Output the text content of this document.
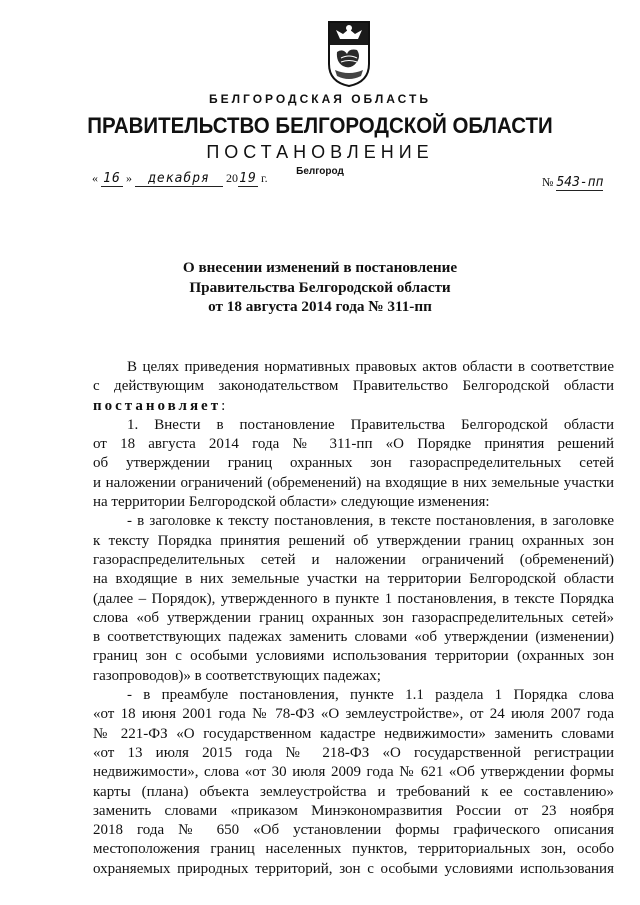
БЕЛГОРОДСКАЯ ОБЛАСТЬ
ПРАВИТЕЛЬСТВО БЕЛГОРОДСКОЙ ОБЛАСТИ
ПОСТАНОВЛЕНИЕ
Белгород
« 16 » декабря 2019 г.	№ 543-пп
О внесении изменений в постановление
Правительства Белгородской области
от 18 августа 2014 года № 311-пп

В целях приведения нормативных правовых актов области в соответствие

с действующим законодательством Правительство Белгородской области

постановляет:

1. Внести в постановление Правительства Белгородской области

от 18 августа 2014 года № 311-пп «О Порядке принятия решений

об утверждении границ охранных зон газораспределительных сетей

и наложении ограничений (обременений) на входящие в них земельные участки

на территории Белгородской области» следующие изменения:

- в заголовке к тексту постановления, в тексте постановления, в заголовке

к тексту Порядка принятия решений об утверждении границ охранных зон

газораспределительных сетей и наложении ограничений (обременений)

на входящие в них земельные участки на территории Белгородской области

(далее – Порядок), утвержденного в пункте 1 постановления, в тексте Порядка

слова «об утверждении границ охранных зон газораспределительных сетей»

в соответствующих падежах заменить словами «об утверждении (изменении)

границ зон с особыми условиями использования территории (охранных зон

газопроводов)» в соответствующих падежах;

- в преамбуле постановления, пункте 1.1 раздела 1 Порядка слова

«от 18 июня 2001 года № 78-ФЗ «О землеустройстве», от 24 июля 2007 года

№ 221-ФЗ «О государственном кадастре недвижимости» заменить словами

«от 13 июля 2015 года № 218-ФЗ «О государственной регистрации

недвижимости», слова «от 30 июля 2009 года № 621 «Об утверждении формы

карты (плана) объекта землеустройства и требований к ее составлению»

заменить словами «приказом Минэкономразвития России от 23 ноября

2018 года № 650 «Об установлении формы графического описания

местоположения границ населенных пунктов, территориальных зон, особо

охраняемых природных территорий, зон с особыми условиями использования
